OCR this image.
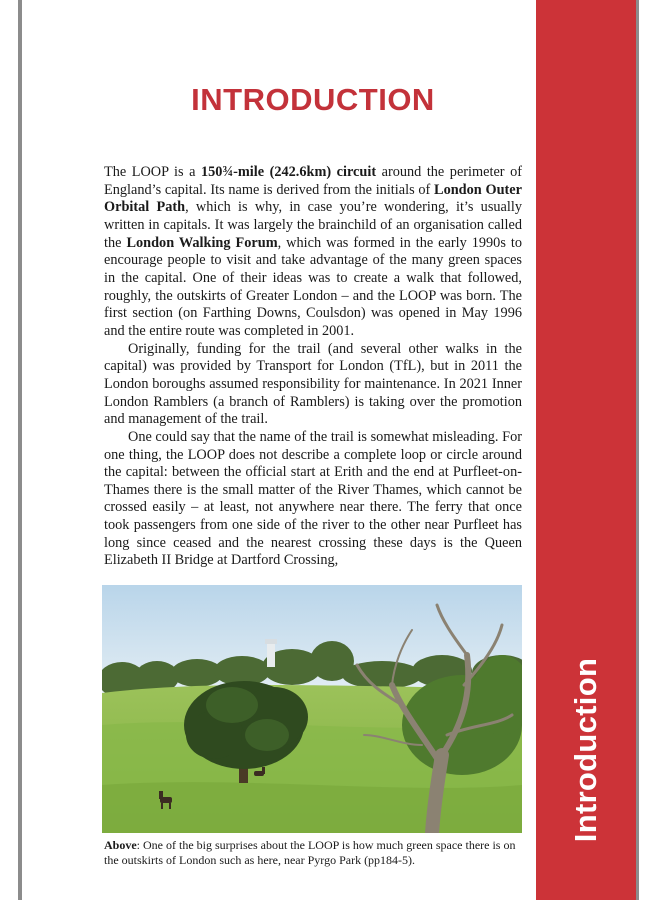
Introduction
INTRODUCTION

The LOOP is a 150¾-mile (242.6km) circuit around the perimeter of England’s capital. Its name is derived from the initials of London Outer Orbital Path, which is why, in case you’re wondering, it’s usually written in capitals. It was largely the brainchild of an organisation called the London Walking Forum, which was formed in the early 1990s to encourage people to visit and take advantage of the many green spaces in the capital. One of their ideas was to create a walk that followed, roughly, the outskirts of Greater London – and the LOOP was born. The first section (on Farthing Downs, Coulsdon) was opened in May 1996 and the entire route was completed in 2001.

Originally, funding for the trail (and several other walks in the capital) was provided by Transport for London (TfL), but in 2011 the London boroughs assumed responsibility for maintenance. In 2021 Inner London Ramblers (a branch of Ramblers) is taking over the promotion and management of the trail.

One could say that the name of the trail is somewhat misleading. For one thing, the LOOP does not describe a complete loop or circle around the capital: between the official start at Erith and the end at Purfleet-on-Thames there is the small matter of the River Thames, which cannot be crossed easily – at least, not anywhere near there. The ferry that once took passengers from one side of the river to the other near Purfleet has long since ceased and the nearest crossing these days is the Queen Elizabeth II Bridge at Dartford Crossing,

Above: One of the big surprises about the LOOP is how much green space there is on the outskirts of London such as here, near Pyrgo Park (pp184-5).
